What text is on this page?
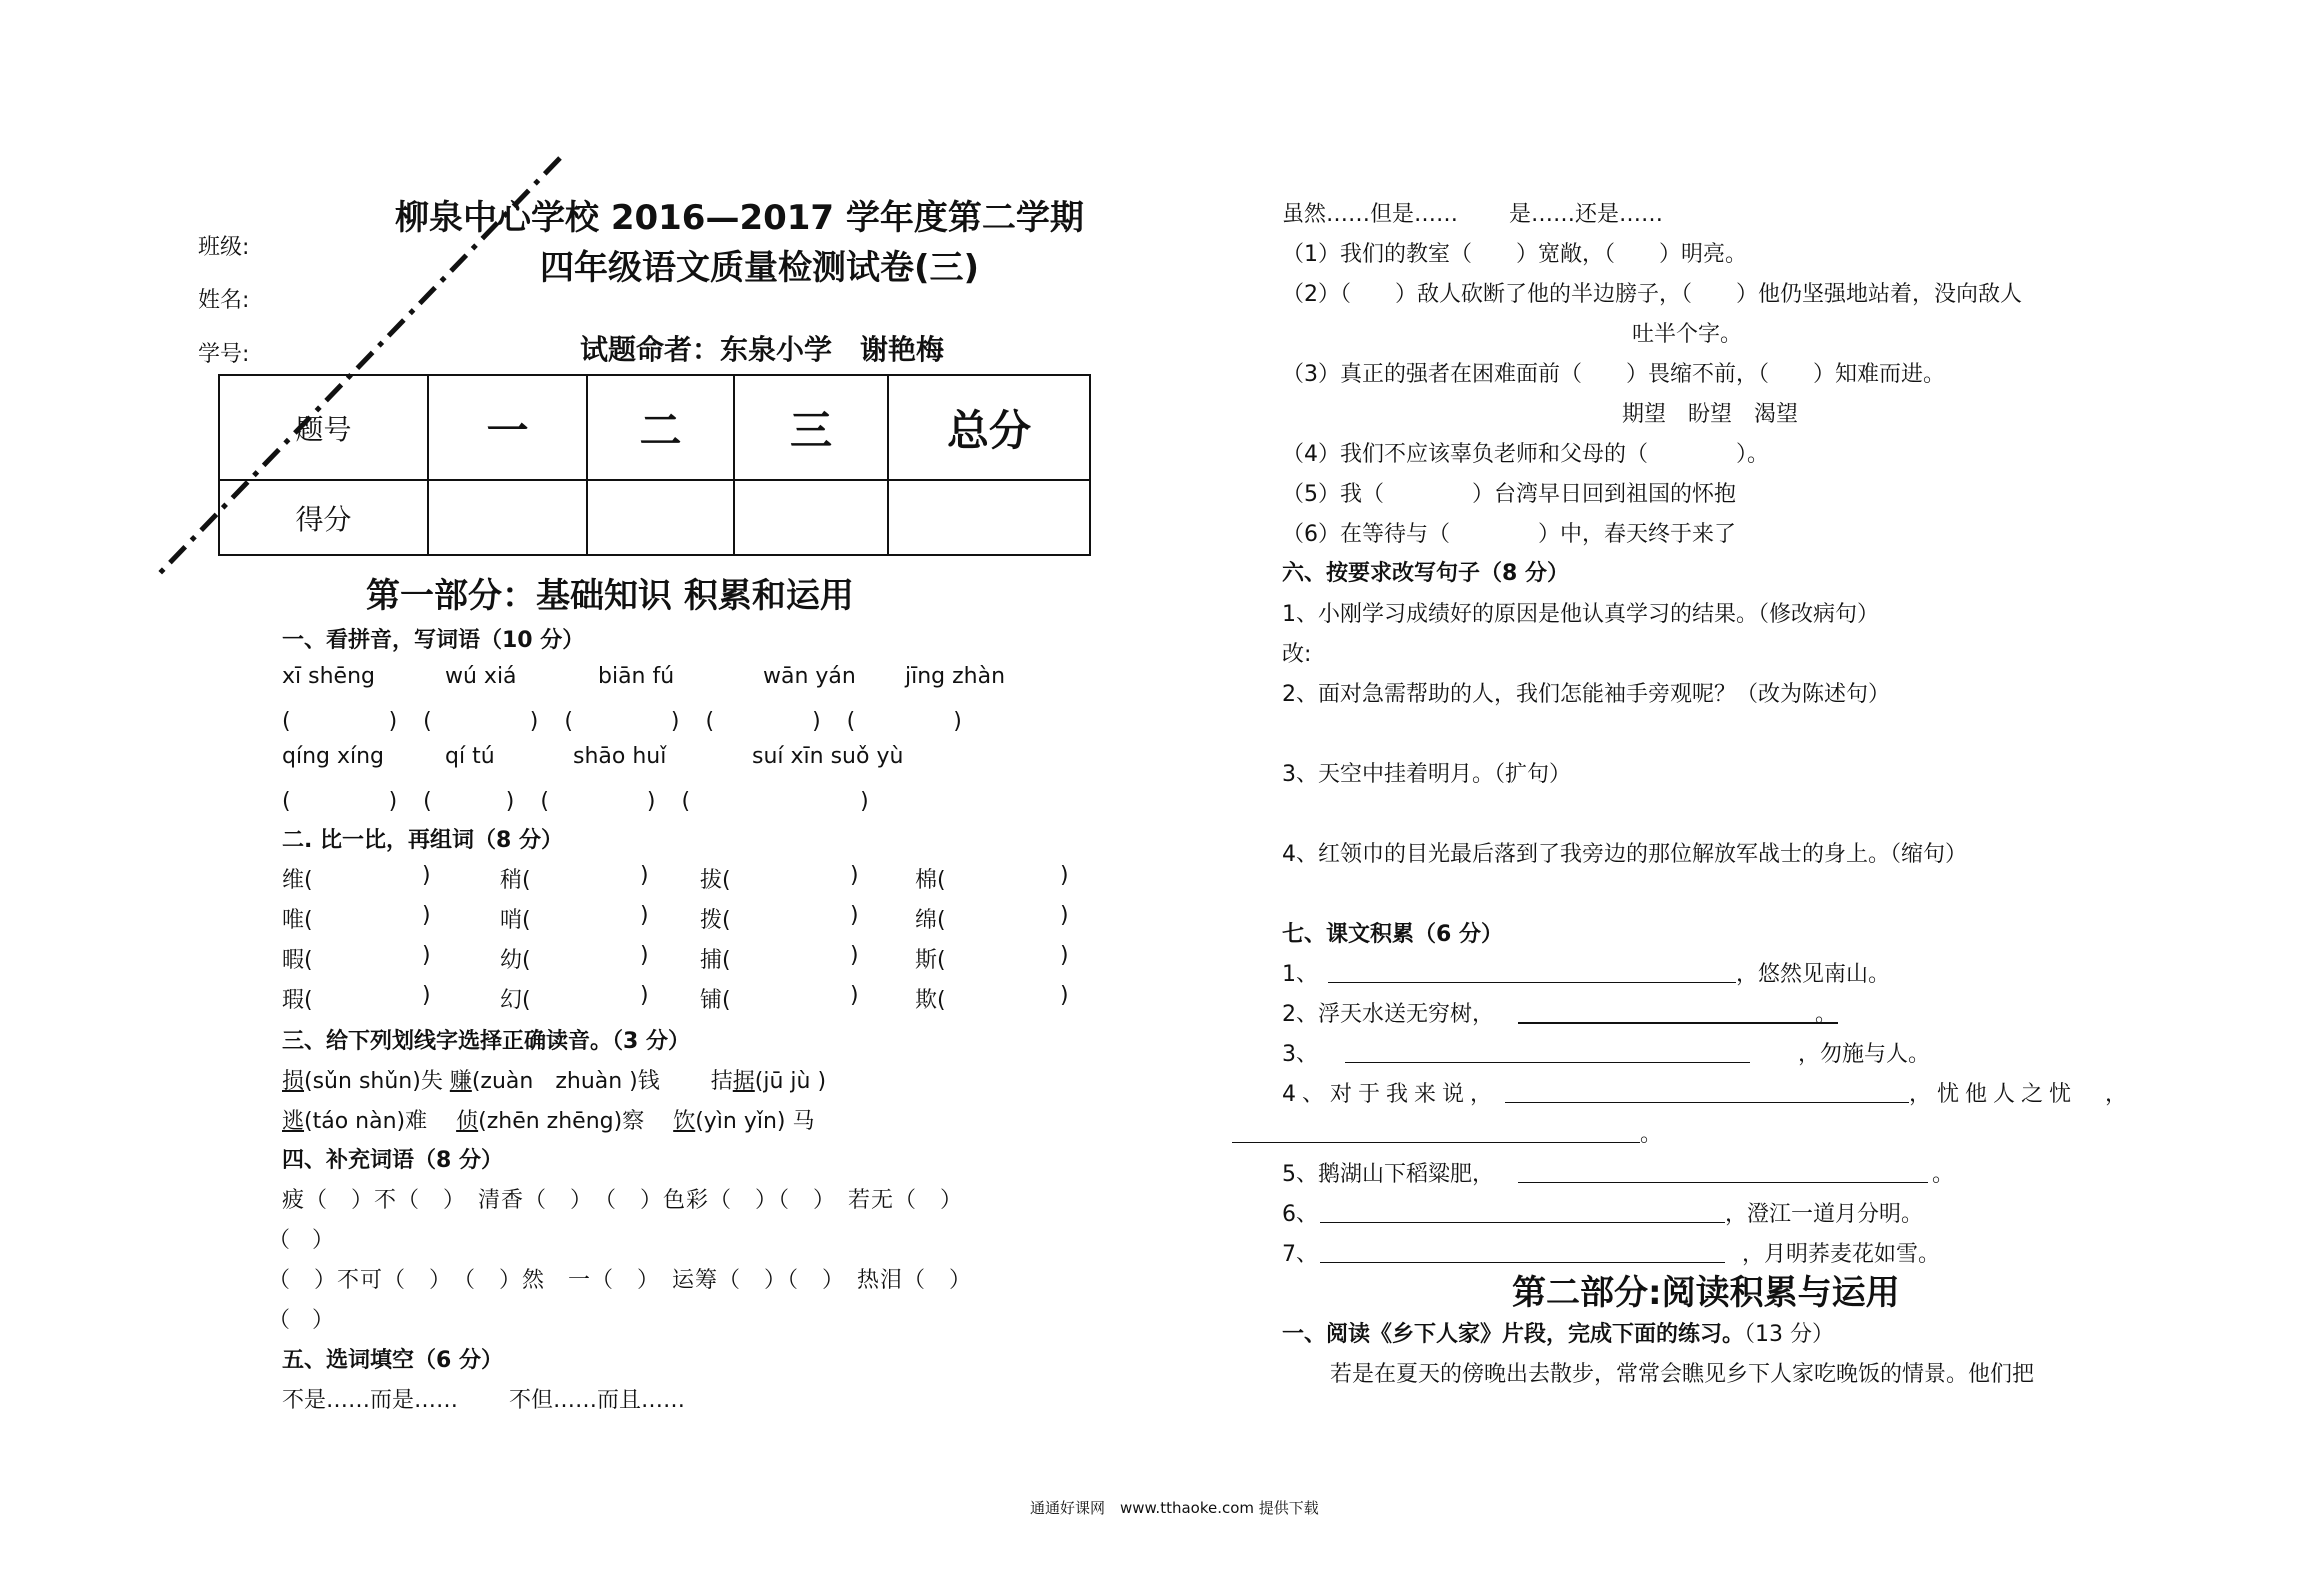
班级:
姓名:
学号:
柳泉中心学校 2016—2017 学年度第二学期
四年级语文质量检测试卷(三)
试题命者：东泉小学　谢艳梅
题号	一	二	三	总分
得分				
第一部分：基础知识 积累和运用
一、看拼音，写词语（10 分）
xī shēng	wú xiá	biān fú	wān yán jīng zhàn
(　　　　)　(　　　　)　(　　　　)　(　　　　)　(　　　　)
qíng xíng	qí tú	shāo huǐ	suí xīn suǒ yù
(　　　　)　(　　　)　(　　　　)　(　　　　　　　)
二. 比一比，再组词（8 分）
维(	)	稍(	) 拔(	)	棉(	)
唯(	)	哨(	) 拨(	)	绵(	)
暇(	)	幼(	) 捕(	)	斯(	)
瑕(	)	幻(	) 铺(	)	欺(	)
三、给下列划线字选择正确读音。（3 分）
损(sǔn shǔn)失 赚(zuàn　zhuàn )钱　　 拮据(jū jù )
逃(táo nàn)难　 侦(zhēn zhēng)察　 饮(yìn yǐn) 马
四、补充词语（8 分）
疲（　）不（　）　清香（　）　（　）色彩（　）（　）　若无（　）
（　）
（　）不可（　）　（　）然　一（　）　运筹（　）（　）　热泪（　）
（　）
五、选词填空（6 分）
不是……而是……　　 不但……而且……
虽然……但是……　　 是……还是……
（1）我们的教室（　　）宽敞，（　　）明亮。
（2）（　　）敌人砍断了他的半边膀子，（　　）他仍坚强地站着，没向敌人
吐半个字。
（3）真正的强者在困难面前（　　）畏缩不前，（　　）知难而进。
期望　盼望　渴望
（4）我们不应该辜负老师和父母的（　　　　）。
（5）我（　　　　）台湾早日回到祖国的怀抱
（6）在等待与（　　　　）中，春天终于来了
六、按要求改写句子（8 分）
1、小刚学习成绩好的原因是他认真学习的结果。（修改病句）
改:
2、面对急需帮助的人，我们怎能袖手旁观呢？（改为陈述句）
3、天空中挂着明月。（扩句）
4、红领巾的目光最后落到了我旁边的那位解放军战士的身上。（缩句）
七、课文积累（6 分）
1、	，悠然见南山。
2、浮天水送无穷树，	。
3、	，勿施与人。
4、对于我来说，	，忧他人之忧　，
。
5、鹅湖山下稻粱肥，	。
6、	，澄江一道月分明。
7、	，月明荞麦花如雪。
第二部分:阅读积累与运用
一、阅读《乡下人家》片段，完成下面的练习。（13 分）
若是在夏天的傍晚出去散步，常常会瞧见乡下人家吃晚饭的情景。他们把
通通好课网　www.tthaoke.com 提供下载
